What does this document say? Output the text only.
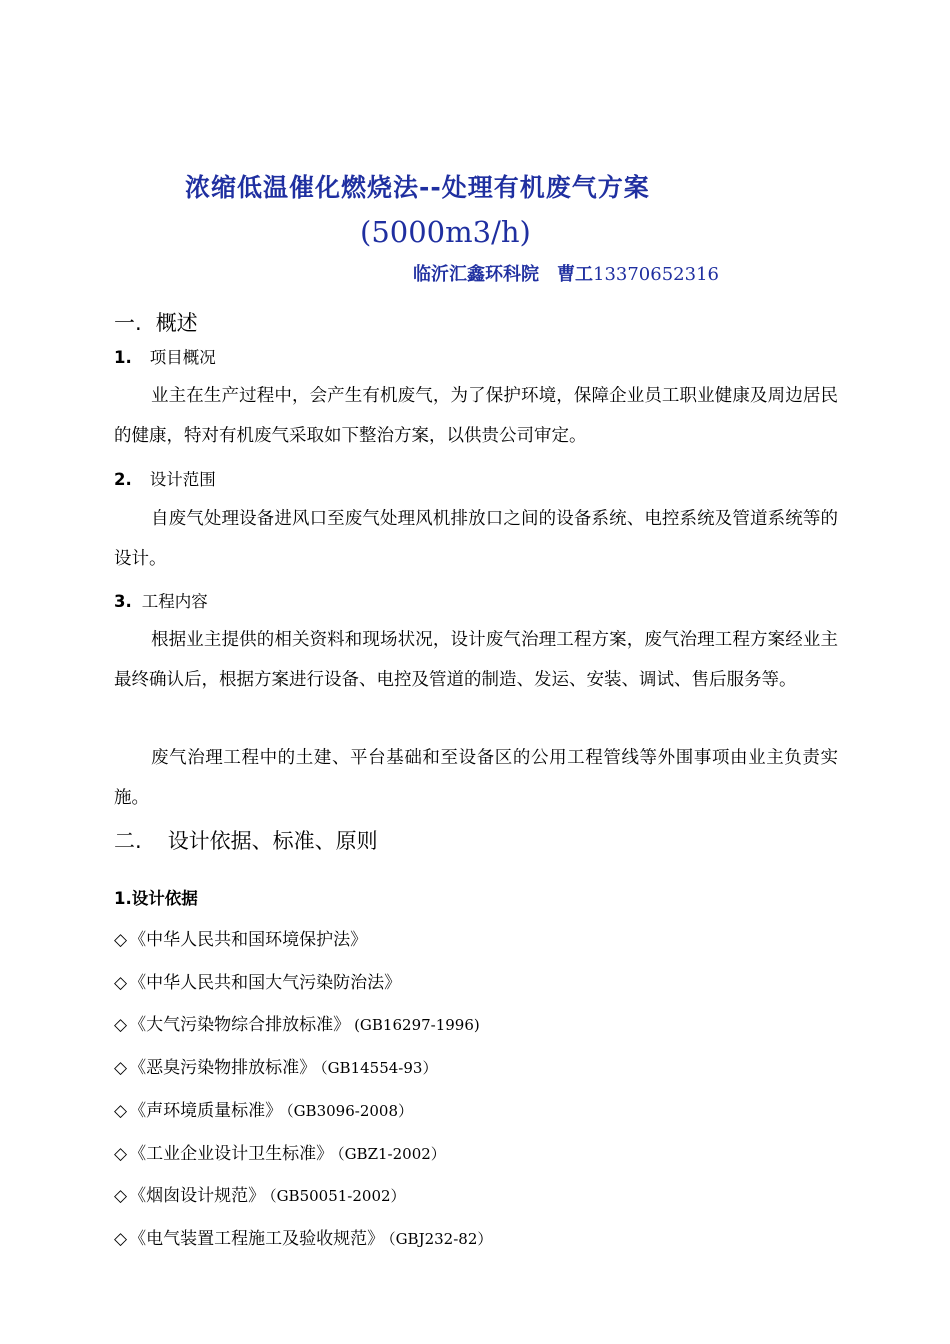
浓缩低温催化燃烧法--处理有机废气方案
(5000m3/h)
临沂汇鑫环科院 曹工13370652316
一. 概述
1. 项目概况

业主在生产过程中，会产生有机废气，为了保护环境，保障企业员工职业健康及周边居民的健康，特对有机废气采取如下整治方案，以供贵公司审定。

2. 设计范围

自废气处理设备进风口至废气处理风机排放口之间的设备系统、电控系统及管道系统等的设计。

3. 工程内容

根据业主提供的相关资料和现场状况，设计废气治理工程方案，废气治理工程方案经业主最终确认后，根据方案进行设备、电控及管道的制造、发运、安装、调试、售后服务等。

废气治理工程中的土建、平台基础和至设备区的公用工程管线等外围事项由业主负责实施。

二. 设计依据、标准、原则
1.设计依据
◇ 《中华人民共和国环境保护法》
◇ 《中华人民共和国大气污染防治法》
◇ 《大气污染物综合排放标准》 (GB16297-1996)
◇ 《恶臭污染物排放标准》 （GB14554-93）
◇ 《声环境质量标准》 （GB3096-2008）
◇ 《工业企业设计卫生标准》 （GBZ1-2002）
◇ 《烟囱设计规范》 （GB50051-2002）
◇ 《电气装置工程施工及验收规范》 （GBJ232-82）
